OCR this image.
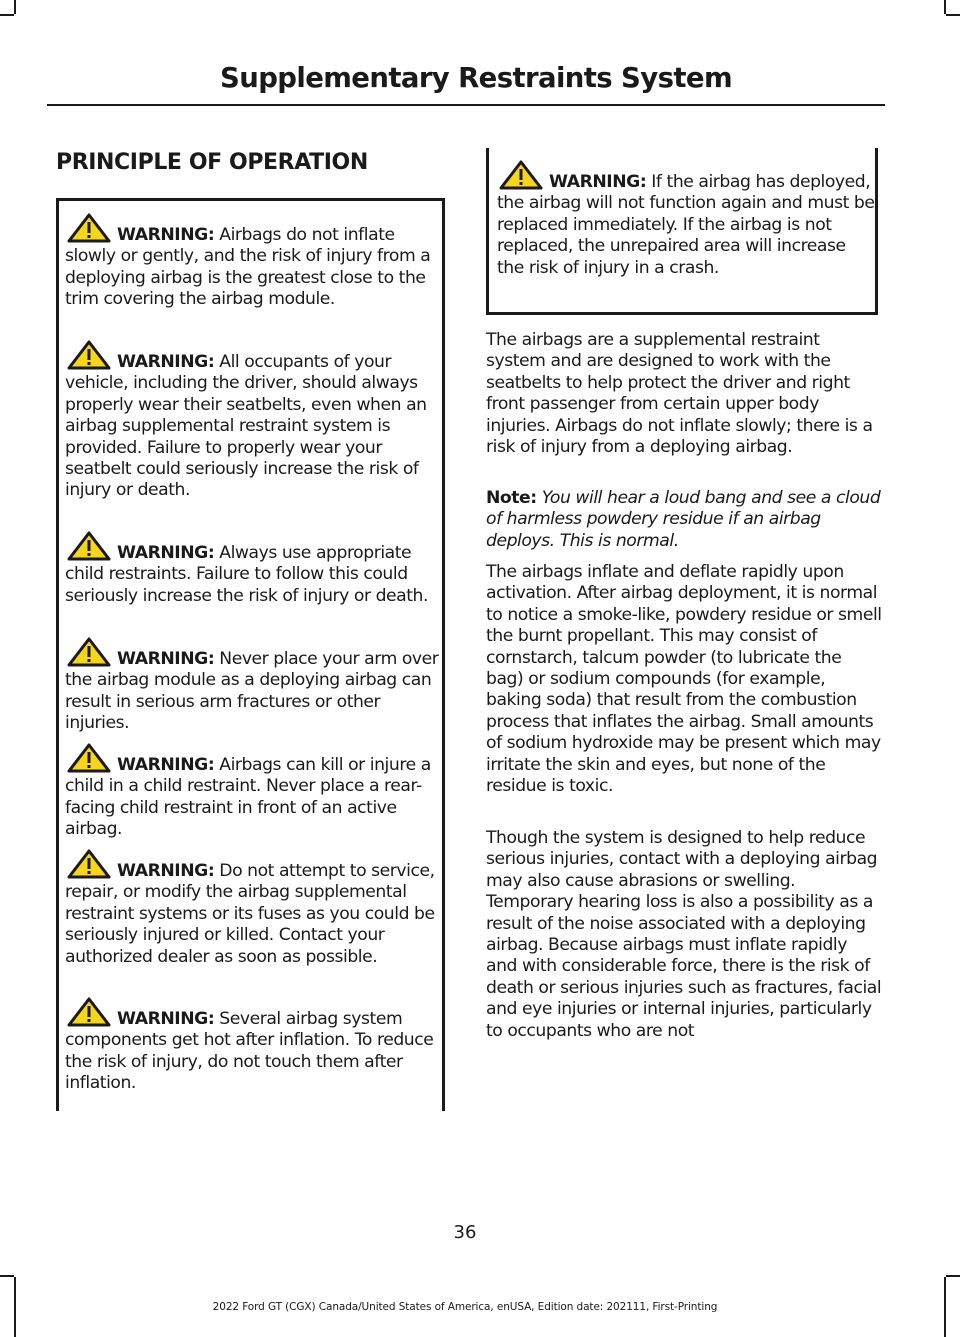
Supplementary Restraints System
PRINCIPLE OF OPERATION
WARNING: Airbags do not inflate slowly or gently, and the risk of injury from a deploying airbag is the greatest close to the trim covering the airbag module.
WARNING: All occupants of your vehicle, including the driver, should always properly wear their seatbelts, even when an airbag supplemental restraint system is provided. Failure to properly wear your seatbelt could seriously increase the risk of injury or death.
WARNING: Always use appropriate child restraints. Failure to follow this could seriously increase the risk of injury or death.
WARNING: Never place your arm over the airbag module as a deploying airbag can result in serious arm fractures or other injuries.
WARNING: Airbags can kill or injure a child in a child restraint. Never place a rear-facing child restraint in front of an active airbag.
WARNING: Do not attempt to service, repair, or modify the airbag supplemental restraint systems or its fuses as you could be seriously injured or killed. Contact your authorized dealer as soon as possible.
WARNING: Several airbag system components get hot after inflation. To reduce the risk of injury, do not touch them after inflation.
WARNING: If the airbag has deployed, the airbag will not function again and must be replaced immediately. If the airbag is not replaced, the unrepaired area will increase the risk of injury in a crash.

The airbags are a supplemental restraint system and are designed to work with the seatbelts to help protect the driver and right front passenger from certain upper body injuries. Airbags do not inflate slowly; there is a risk of injury from a deploying airbag.

Note: You will hear a loud bang and see a cloud of harmless powdery residue if an airbag deploys. This is normal.

The airbags inflate and deflate rapidly upon activation. After airbag deployment, it is normal to notice a smoke-like, powdery residue or smell the burnt propellant. This may consist of cornstarch, talcum powder (to lubricate the bag) or sodium compounds (for example, baking soda) that result from the combustion process that inflates the airbag. Small amounts of sodium hydroxide may be present which may irritate the skin and eyes, but none of the residue is toxic.

Though the system is designed to help reduce serious injuries, contact with a deploying airbag may also cause abrasions or swelling. Temporary hearing loss is also a possibility as a result of the noise associated with a deploying airbag. Because airbags must inflate rapidly and with considerable force, there is the risk of death or serious injuries such as fractures, facial and eye injuries or internal injuries, particularly to occupants who are not

36
2022 Ford GT (CGX) Canada/United States of America, enUSA, Edition date: 202111, First-Printing
